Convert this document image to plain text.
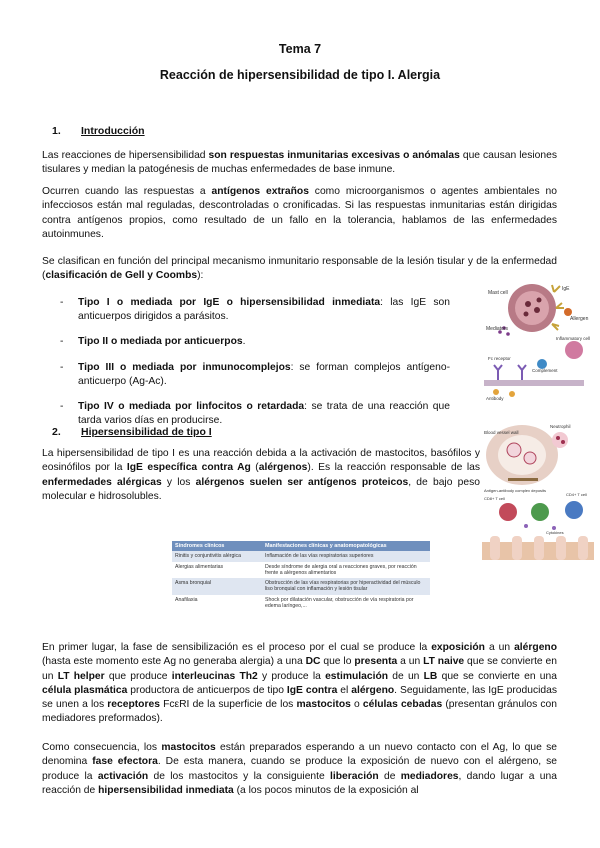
Tema 7
Reacción de hipersensibilidad de tipo I. Alergia
1. Introducción

Las reacciones de hipersensibilidad son respuestas inmunitarias excesivas o anómalas que causan lesiones tisulares y median la patogénesis de muchas enfermedades de base inmune.

Ocurren cuando las respuestas a antígenos extraños como microorganismos o agentes ambientales no infecciosos están mal reguladas, descontroladas o cronificadas. Si las respuestas inmunitarias están dirigidas contra antígenos propios, como resultado de un fallo en la tolerancia, hablamos de las enfermedades autoinmunes.

Se clasifican en función del principal mecanismo inmunitario responsable de la lesión tisular y de la enfermedad (clasificación de Gell y Coombs):

- Tipo I o mediada por IgE o hipersensibilidad inmediata: las IgE son anticuerpos dirigidos a parásitos.
- Tipo II o mediada por anticuerpos.
- Tipo III o mediada por inmunocomplejos: se forman complejos antígeno-anticuerpo (Ag-Ac).
- Tipo IV o mediada por linfocitos o retardada: se trata de una reacción que tarda varios días en producirse.
2. Hipersensibilidad de tipo I

La hipersensibilidad de tipo I es una reacción debida a la activación de mastocitos, basófilos y eosinófilos por la IgE específica contra Ag (alérgenos). Es la reacción responsable de las enfermedades alérgicas y los alérgenos suelen ser antígenos proteicos, de bajo peso molecular e hidrosolubles.

Síndromes clínicos	Manifestaciones clínicas y anatomopatológicas
Rinitis y conjuntivitis alérgica	Inflamación de las vías respiratorias superiores
Alergias alimentarias	Desde síndrome de alergia oral a reacciones graves, por reacción frente a alérgenos alimentarios
Asma bronquial	Obstrucción de las vías respiratorias por hiperactividad del músculo liso bronquial con inflamación y lesión tisular
Anafilaxia	Shock por dilatación vascular, obstrucción de vía respiratoria por edema laríngeo,...

En primer lugar, la fase de sensibilización es el proceso por el cual se produce la exposición a un alérgeno (hasta este momento este Ag no generaba alergia) a una DC que lo presenta a un LT naive que se convierte en un LT helper que produce interleucinas Th2 y produce la estimulación de un LB que se convierte en una célula plasmática productora de anticuerpos de tipo IgE contra el alérgeno. Seguidamente, las IgE producidas se unen a los receptores FcεRI de la superficie de los mastocitos o células cebadas (presentan gránulos con mediadores preformados).

Como consecuencia, los mastocitos están preparados esperando a un nuevo contacto con el Ag, lo que se denomina fase efectora. De esta manera, cuando se produce la exposición de nuevo con el alérgeno, se produce la activación de los mastocitos y la consiguiente liberación de mediadores, dando lugar a una reacción de hipersensibilidad inmediata (a los pocos minutos de la exposición al

Mast cell
IgE
Allergen
Mediators
Inflammatory cell
Fc receptor
Complement
Antibody
Blood vessel wall
Neutrophil
Antigen-antibody complex deposits
CD8+ T cell
CD4+ T cell
Cytokines
